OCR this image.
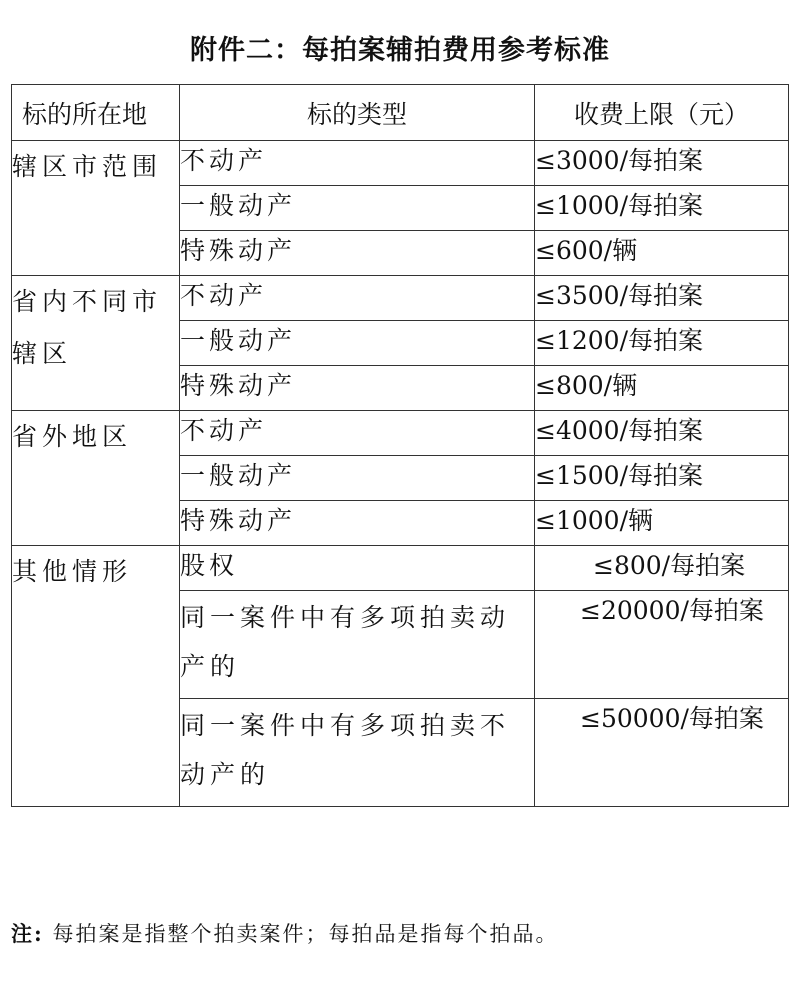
附件二：每拍案辅拍费用参考标准
标的所在地	标的类型	收费上限（元）
辖区市范围	不动产	≤3000/每拍案
	一般动产	≤1000/每拍案
	特殊动产	≤600/辆
省内不同市辖区	不动产	≤3500/每拍案
	一般动产	≤1200/每拍案
	特殊动产	≤800/辆
省外地区	不动产	≤4000/每拍案
	一般动产	≤1500/每拍案
	特殊动产	≤1000/辆
其他情形	股权	≤800/每拍案
	同一案件中有多项拍卖动产的	≤20000/每拍案
	同一案件中有多项拍卖不动产的	≤50000/每拍案
注: 每拍案是指整个拍卖案件；每拍品是指每个拍品。
